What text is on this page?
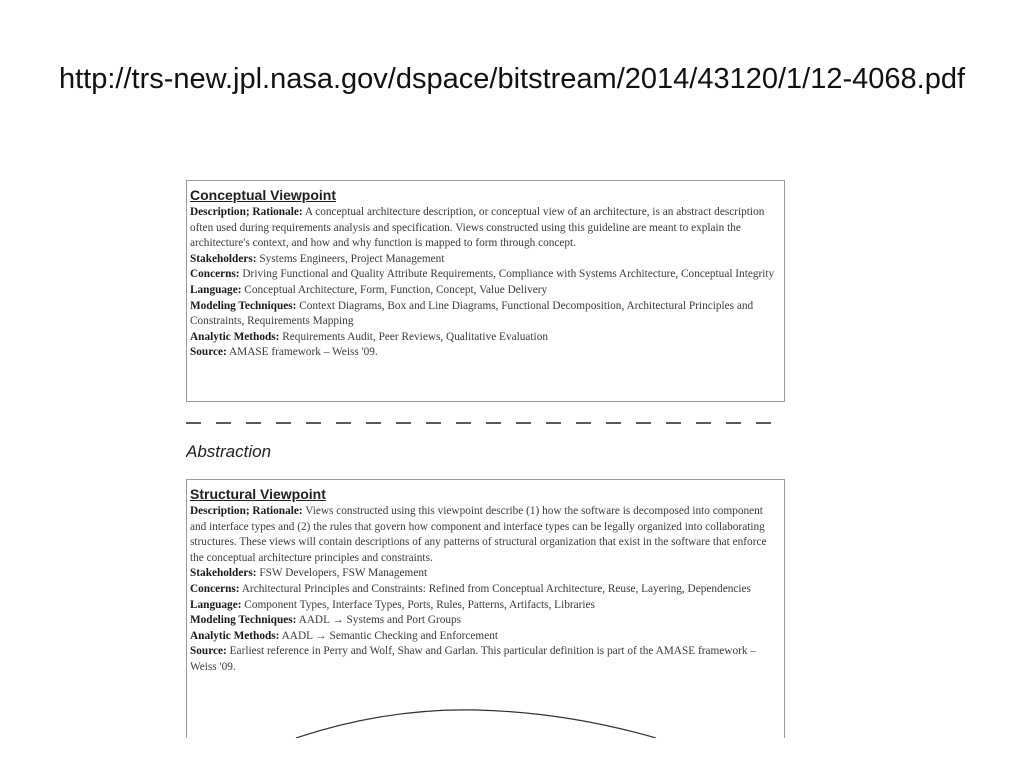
http://trs-new.jpl.nasa.gov/dspace/bitstream/2014/43120/1/12-4068.pdf
Conceptual Viewpoint

Description; Rationale: A conceptual architecture description, or conceptual view of an architecture, is an abstract description often used during requirements analysis and specification. Views constructed using this guideline are meant to explain the architecture's context, and how and why function is mapped to form through concept.

Stakeholders: Systems Engineers, Project Management

Concerns: Driving Functional and Quality Attribute Requirements, Compliance with Systems Architecture, Conceptual Integrity

Language: Conceptual Architecture, Form, Function, Concept, Value Delivery

Modeling Techniques: Context Diagrams, Box and Line Diagrams, Functional Decomposition, Architectural Principles and Constraints, Requirements Mapping

Analytic Methods: Requirements Audit, Peer Reviews, Qualitative Evaluation

Source: AMASE framework – Weiss '09.

Abstraction
Structural Viewpoint

Description; Rationale: Views constructed using this viewpoint describe (1) how the software is decomposed into component and interface types and (2) the rules that govern how component and interface types can be legally organized into collaborating structures. These views will contain descriptions of any patterns of structural organization that exist in the software that enforce the conceptual architecture principles and constraints.

Stakeholders: FSW Developers, FSW Management

Concerns: Architectural Principles and Constraints: Refined from Conceptual Architecture, Reuse, Layering, Dependencies

Language: Component Types, Interface Types, Ports, Rules, Patterns, Artifacts, Libraries

Modeling Techniques: AADL → Systems and Port Groups

Analytic Methods: AADL → Semantic Checking and Enforcement

Source: Earliest reference in Perry and Wolf, Shaw and Garlan. This particular definition is part of the AMASE framework – Weiss '09.
